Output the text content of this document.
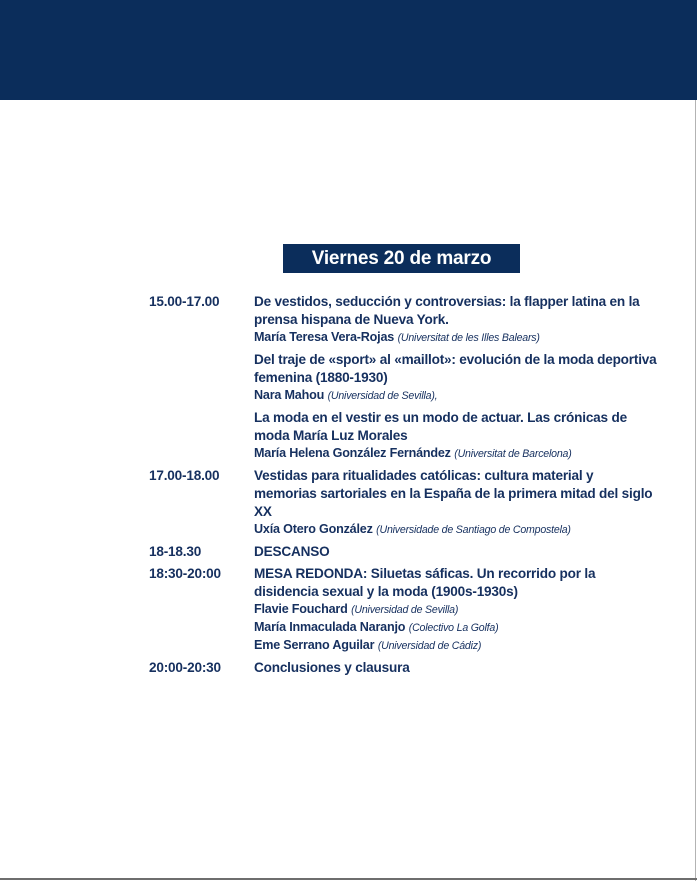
Viernes 20 de marzo
15.00-17.00	De vestidos, seducción y controversias: la flapper latina en la prensa hispana de Nueva York.
María Teresa Vera-Rojas (Universitat de les Illes Balears)
Del traje de «sport» al «maillot»: evolución de la moda deportiva femenina (1880-1930)
Nara Mahou (Universidad de Sevilla),
La moda en el vestir es un modo de actuar. Las crónicas de moda María Luz Morales
María Helena González Fernández (Universitat de Barcelona)
17.00-18.00	Vestidas para ritualidades católicas: cultura material y memorias sartoriales en la España de la primera mitad del siglo XX
Uxía Otero González (Universidade de Santiago de Compostela)
18-18.30	DESCANSO
18:30-20:00	MESA REDONDA: Siluetas sáficas. Un recorrido por la disidencia sexual y la moda (1900s-1930s)
Flavie Fouchard (Universidad de Sevilla)
María Inmaculada Naranjo (Colectivo La Golfa)
Eme Serrano Aguilar (Universidad de Cádiz)
20:00-20:30	Conclusiones y clausura
